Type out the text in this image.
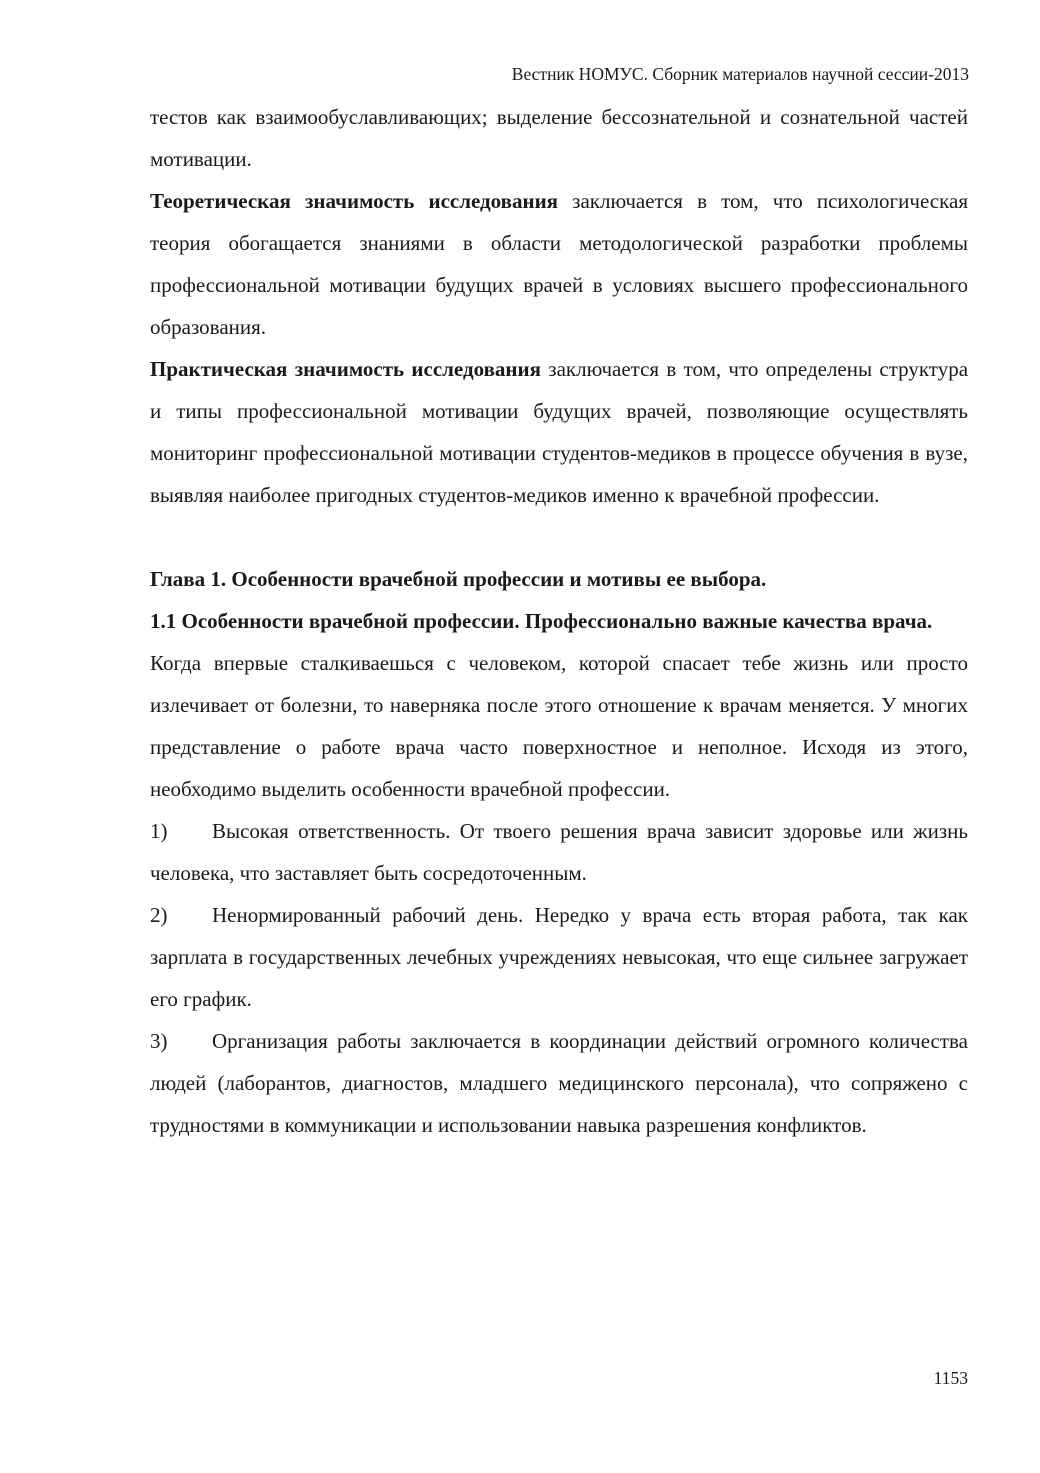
Вестник НОМУС. Сборник материалов научной сессии-2013

тестов как взаимообуславливающих; выделение бессознательной и сознательной частей мотивации.

Теоретическая значимость исследования заключается в том, что психологическая теория обогащается знаниями в области методологической разработки проблемы профессиональной мотивации будущих врачей в условиях высшего профессионального образования.

Практическая значимость исследования заключается в том, что определены структура и типы профессиональной мотивации будущих врачей, позволяющие осуществлять мониторинг профессиональной мотивации студентов-медиков в процессе обучения в вузе, выявляя наиболее пригодных студентов-медиков именно к врачебной профессии.

Глава 1. Особенности врачебной профессии и мотивы ее выбора.

1.1 Особенности врачебной профессии. Профессионально важные качества врача.

Когда впервые сталкиваешься с человеком, которой спасает тебе жизнь или просто излечивает от болезни, то наверняка после этого отношение к врачам меняется. У многих представление о работе врача часто поверхностное и неполное. Исходя из этого, необходимо выделить особенности врачебной профессии.

1) Высокая ответственность. От твоего решения врача зависит здоровье или жизнь человека, что заставляет быть сосредоточенным.

2) Ненормированный рабочий день. Нередко у врача есть вторая работа, так как зарплата в государственных лечебных учреждениях невысокая, что еще сильнее загружает его график.

3) Организация работы заключается в координации действий огромного количества людей (лаборантов, диагностов, младшего медицинского персонала), что сопряжено с трудностями в коммуникации и использовании навыка разрешения конфликтов.

1153
